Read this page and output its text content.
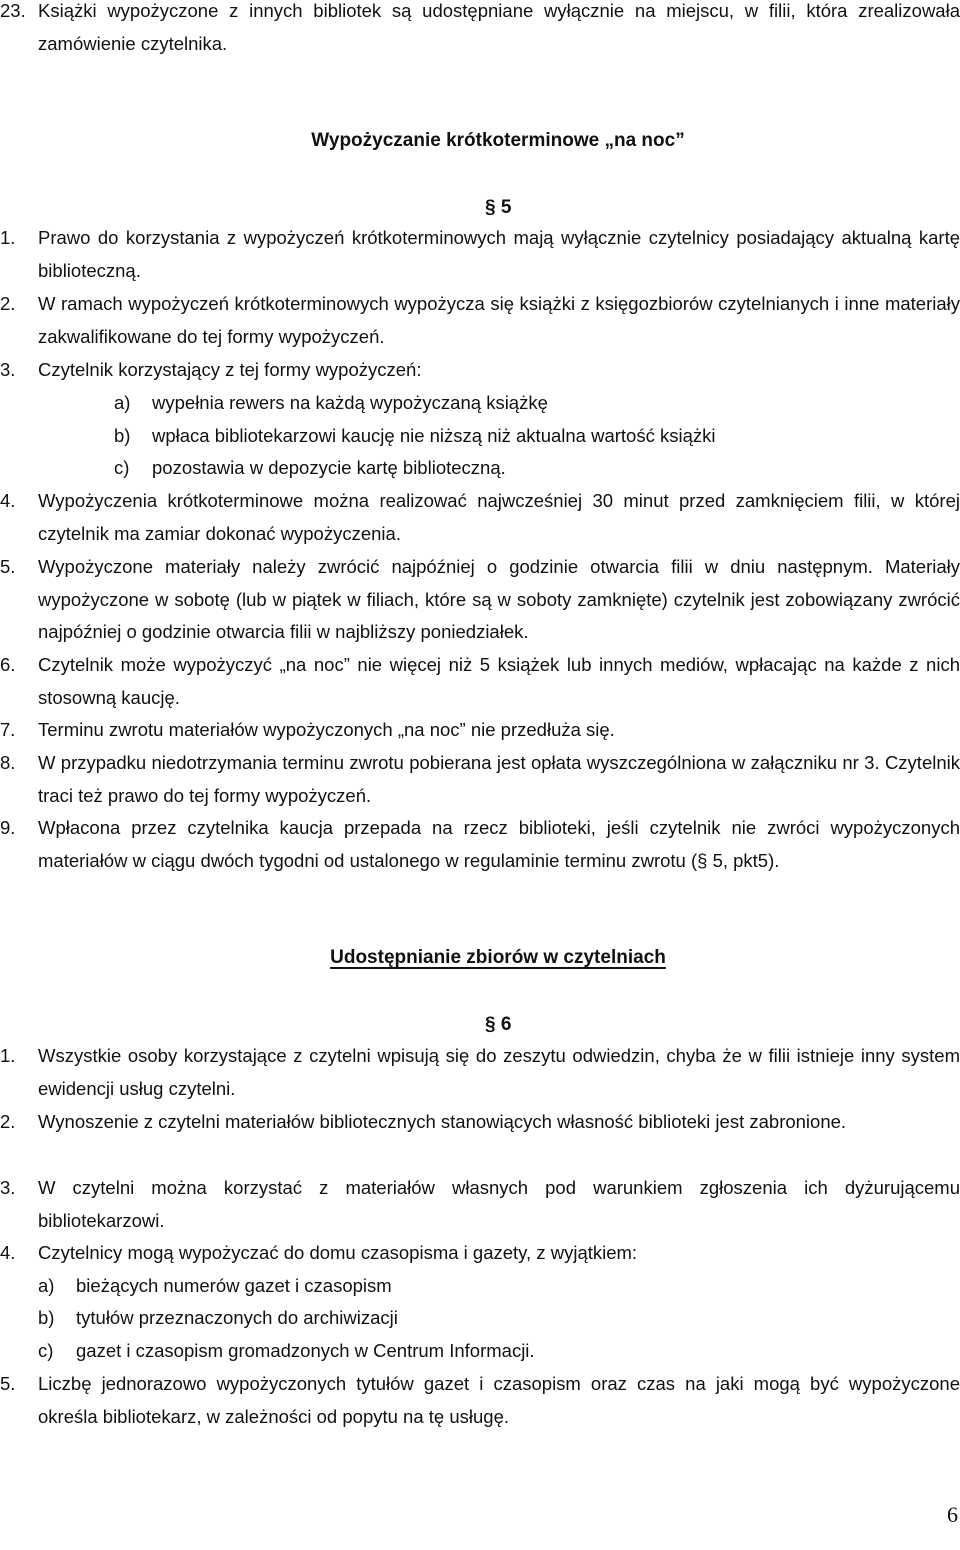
23. Książki wypożyczone z innych bibliotek są udostępniane wyłącznie na miejscu, w filii, która zrealizowała zamówienie czytelnika.
Wypożyczanie krótkoterminowe „na noc”
§ 5
1. Prawo do korzystania z wypożyczeń krótkoterminowych mają wyłącznie czytelnicy posiadający aktualną kartę biblioteczną.
2. W ramach wypożyczeń krótkoterminowych wypożycza się książki z księgozbiorów czytelnianych i inne materiały zakwalifikowane do tej formy wypożyczeń.
3. Czytelnik korzystający z tej formy wypożyczeń:
a) wypełnia rewers na każdą wypożyczaną książkę
b) wpłaca bibliotekarzowi kaucję nie niższą niż aktualna wartość książki
c) pozostawia w depozycie kartę biblioteczną.
4. Wypożyczenia krótkoterminowe można realizować najwcześniej 30 minut przed zamknięciem filii, w której czytelnik ma zamiar dokonać wypożyczenia.
5. Wypożyczone materiały należy zwrócić najpóźniej o godzinie otwarcia filii w dniu następnym. Materiały wypożyczone w sobotę (lub w piątek w filiach, które są w soboty zamknięte) czytelnik jest zobowiązany zwrócić najpóźniej o godzinie otwarcia filii w najbliższy poniedziałek.
6. Czytelnik może wypożyczyć „na noc” nie więcej niż 5 książek lub innych mediów, wpłacając na każde z nich stosowną kaucję.
7. Terminu zwrotu materiałów wypożyczonych „na noc” nie przedłuża się.
8. W przypadku niedotrzymania terminu zwrotu pobierana jest opłata wyszczególniona w załączniku nr 3. Czytelnik traci też prawo do tej formy wypożyczeń.
9. Wpłacona przez czytelnika kaucja przepada na rzecz biblioteki, jeśli czytelnik nie zwróci wypożyczonych materiałów w ciągu dwóch tygodni od ustalonego w regulaminie terminu zwrotu (§ 5, pkt5).
Udostępnianie zbiorów w czytelniach
§ 6
1. Wszystkie osoby korzystające z czytelni wpisują się do zeszytu odwiedzin, chyba że w filii istnieje inny system ewidencji usług czytelni.
2. Wynoszenie z czytelni materiałów bibliotecznych stanowiących własność biblioteki jest zabronione.
3. W czytelni można korzystać z materiałów własnych pod warunkiem zgłoszenia ich dyżurującemu bibliotekarzowi.
4. Czytelnicy mogą wypożyczać do domu czasopisma i gazety, z wyjątkiem:
a) bieżących numerów gazet i czasopism
b) tytułów przeznaczonych do archiwizacji
c) gazet i czasopism gromadzonych w Centrum Informacji.
5. Liczbę jednorazowo wypożyczonych tytułów gazet i czasopism oraz czas na jaki mogą być wypożyczone określa bibliotekarz, w zależności od popytu na tę usługę.
6
